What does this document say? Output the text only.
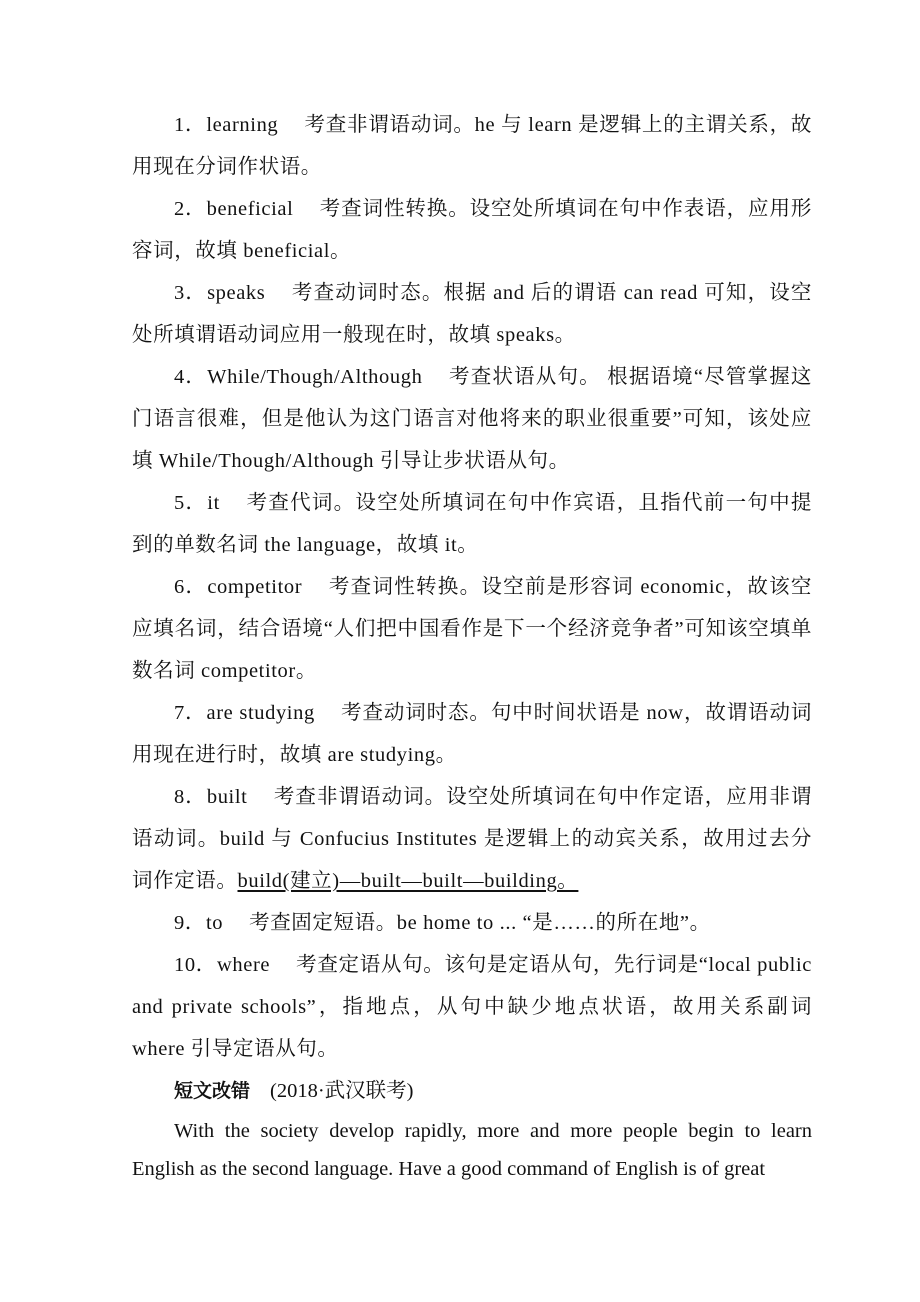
1．learning 考查非谓语动词。he 与 learn 是逻辑上的主谓关系，故用现在分词作状语。

2．beneficial 考查词性转换。设空处所填词在句中作表语，应用形容词，故填 beneficial。

3．speaks 考查动词时态。根据 and 后的谓语 can read 可知，设空处所填谓语动词应用一般现在时，故填 speaks。

4．While/Though/Although 考查状语从句。 根据语境“尽管掌握这门语言很难，但是他认为这门语言对他将来的职业很重要”可知，该处应填 While/Though/Although 引导让步状语从句。

5．it 考查代词。设空处所填词在句中作宾语，且指代前一句中提到的单数名词 the language，故填 it。

6．competitor 考查词性转换。设空前是形容词 economic，故该空应填名词，结合语境“人们把中国看作是下一个经济竞争者”可知该空填单数名词 competitor。

7．are studying 考查动词时态。句中时间状语是 now，故谓语动词用现在进行时，故填 are studying。

8．built 考查非谓语动词。设空处所填词在句中作定语，应用非谓语动词。build 与 Confucius Institutes 是逻辑上的动宾关系，故用过去分词作定语。build(建立)—built—built—building。

9．to 考查固定短语。be home to ... “是……的所在地”。

10．where 考查定语从句。该句是定语从句，先行词是“local public and private schools”，指地点，从句中缺少地点状语，故用关系副词 where 引导定语从句。

短文改错 (2018·武汉联考)

With the society develop rapidly, more and more people begin to learn English as the second language. Have a good command of English is of great
